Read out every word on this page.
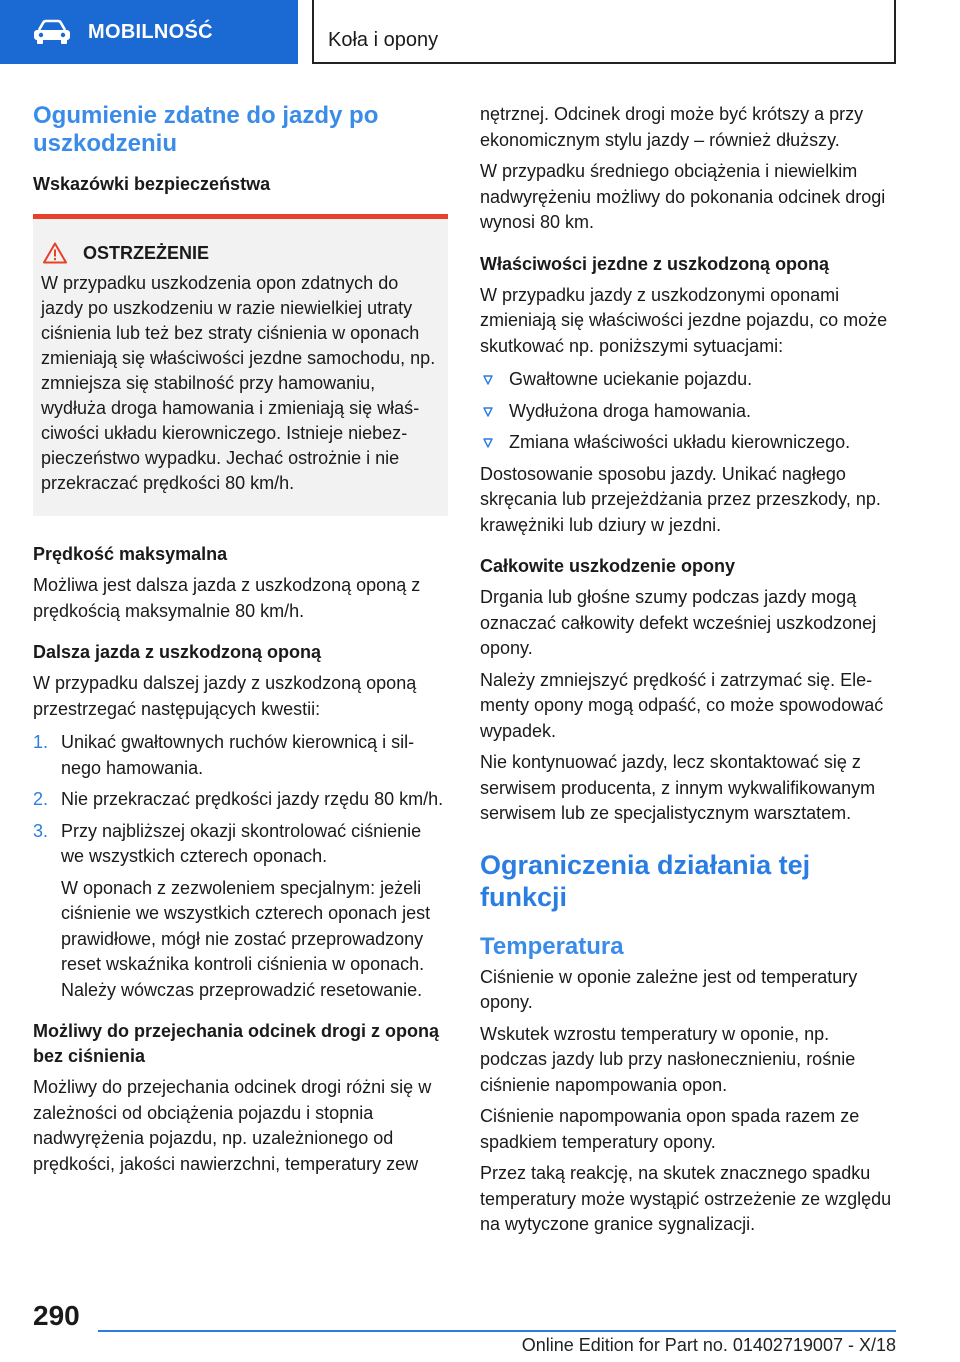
MOBILNOŚĆ	Koła i opony
Ogumienie zdatne do jazdy po uszkodzeniu
Wskazówki bezpieczeństwa
OSTRZEŻENIE

W przypadku uszkodzenia opon zdatnych do jazdy po uszkodzeniu w razie niewielkiej utraty ciśnienia lub też bez straty ciśnienia w oponach zmieniają się właściwości jezdne samochodu, np. zmniejsza się stabilność przy hamowaniu, wydłuża droga hamowania i zmieniają się właściwości układu kierowniczego. Istnieje niebezpieczeństwo wypadku. Jechać ostrożnie i nie przekraczać prędkości 80 km/h.

Prędkość maksymalna

Możliwa jest dalsza jazda z uszkodzoną oponą z prędkością maksymalnie 80 km/h.

Dalsza jazda z uszkodzoną oponą

W przypadku dalszej jazdy z uszkodzoną oponą przestrzegać następujących kwestii:

1. Unikać gwałtownych ruchów kierownicą i silnego hamowania.
2. Nie przekraczać prędkości jazdy rzędu 80 km/h.
3. Przy najbliższej okazji skontrolować ciśnienie we wszystkich czterech oponach.

W oponach z zezwoleniem specjalnym: jeżeli ciśnienie we wszystkich czterech oponach jest prawidłowe, mógł nie zostać przeprowadzony reset wskaźnika kontroli ciśnienia w oponach. Należy wówczas przeprowadzić resetowanie.

Możliwy do przejechania odcinek drogi z oponą bez ciśnienia

Możliwy do przejechania odcinek drogi różni się w zależności od obciążenia pojazdu i stopnia nadwyrężenia pojazdu, np. uzależnionego od prędkości, jakości nawierzchni, temperatury zew

nętrznej. Odcinek drogi może być krótszy a przy ekonomicznym stylu jazdy – również dłuższy.

W przypadku średniego obciążenia i niewielkim nadwyrężeniu możliwy do pokonania odcinek drogi wynosi 80 km.

Właściwości jezdne z uszkodzoną oponą

W przypadku jazdy z uszkodzonymi oponami zmieniają się właściwości jezdne pojazdu, co może skutkować np. poniższymi sytuacjami:

Gwałtowne uciekanie pojazdu.
Wydłużona droga hamowania.
Zmiana właściwości układu kierowniczego.

Dostosowanie sposobu jazdy. Unikać nagłego skręcania lub przejeżdżania przez przeszkody, np. krawężniki lub dziury w jezdni.

Całkowite uszkodzenie opony

Drgania lub głośne szumy podczas jazdy mogą oznaczać całkowity defekt wcześniej uszkodzonej opony.

Należy zmniejszyć prędkość i zatrzymać się. Elementy opony mogą odpaść, co może spowodować wypadek.

Nie kontynuować jazdy, lecz skontaktować się z serwisem producenta, z innym wykwalifikowanym serwisem lub ze specjalistycznym warsztatem.

Ograniczenia działania tej funkcji
Temperatura

Ciśnienie w oponie zależne jest od temperatury opony.

Wskutek wzrostu temperatury w oponie, np. podczas jazdy lub przy nasłonecznieniu, rośnie ciśnienie napompowania opon.

Ciśnienie napompowania opon spada razem ze spadkiem temperatury opony.

Przez taką reakcję, na skutek znacznego spadku temperatury może wystąpić ostrzeżenie ze względu na wytyczone granice sygnalizacji.

290
Online Edition for Part no. 01402719007 - X/18
